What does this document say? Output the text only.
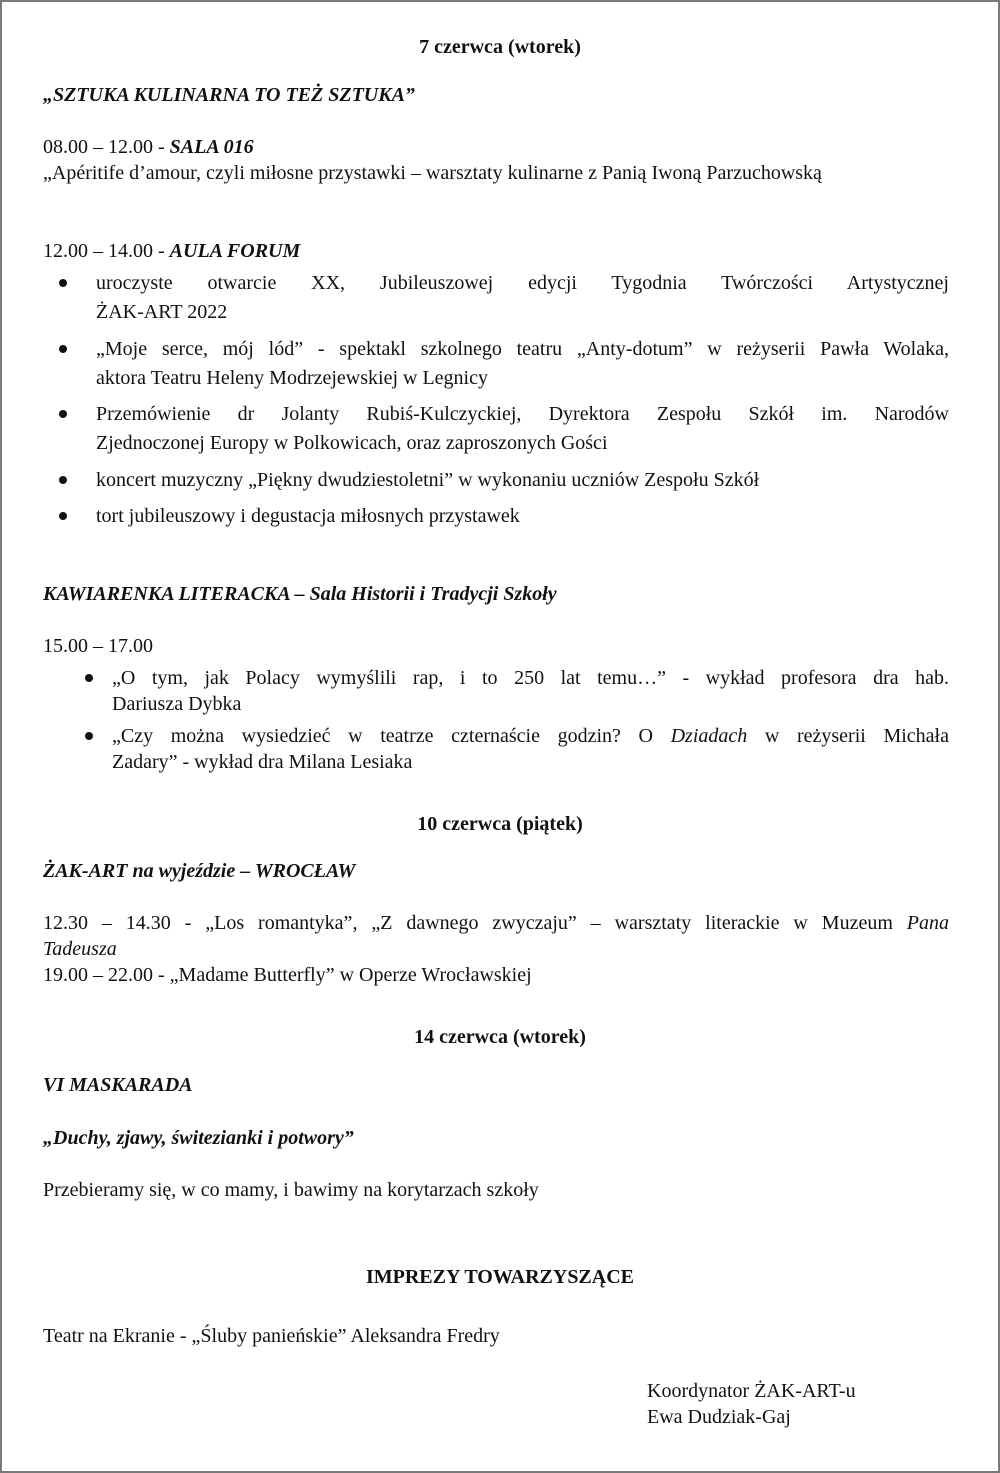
7 czerwca (wtorek)
„SZTUKA KULINARNA TO TEŻ SZTUKA”
08.00 – 12.00 - SALA 016
„Apéritife d’amour, czyli miłosne przystawki – warsztaty kulinarne z Panią Iwoną Parzuchowską
12.00 – 14.00 - AULA FORUM
uroczyste otwarcie XX, Jubileuszowej edycji Tygodnia Twórczości Artystycznej
ŻAK-ART 2022
„Moje serce, mój lód” - spektakl szkolnego teatru „Anty-dotum” w reżyserii Pawła Wolaka,
aktora Teatru Heleny Modrzejewskiej w Legnicy
Przemówienie dr Jolanty Rubiś-Kulczyckiej, Dyrektora Zespołu Szkół im. Narodów
Zjednoczonej Europy w Polkowicach, oraz zaproszonych Gości
koncert muzyczny „Piękny dwudziestoletni” w wykonaniu uczniów Zespołu Szkół
tort jubileuszowy i degustacja miłosnych przystawek
KAWIARENKA LITERACKA – Sala Historii i Tradycji Szkoły
15.00 – 17.00
„O tym, jak Polacy wymyślili rap, i to 250 lat temu…” - wykład profesora dra hab.
Dariusza Dybka
„Czy można wysiedzieć w teatrze czternaście godzin? O Dziadach w reżyserii Michała
Zadary” - wykład dra Milana Lesiaka
10 czerwca (piątek)
ŻAK-ART na wyjeździe – WROCŁAW
12.30 – 14.30 - „Los romantyka”, „Z dawnego zwyczaju” – warsztaty literackie w Muzeum Pana
Tadeusza
19.00 – 22.00 - „Madame Butterfly” w Operze Wrocławskiej
14 czerwca (wtorek)
VI MASKARADA
„Duchy, zjawy, świtezianki i potwory”
Przebieramy się, w co mamy, i bawimy na korytarzach szkoły
IMPREZY TOWARZYSZĄCE
Teatr na Ekranie - „Śluby panieńskie” Aleksandra Fredry
Koordynator ŻAK-ART-u
Ewa Dudziak-Gaj
